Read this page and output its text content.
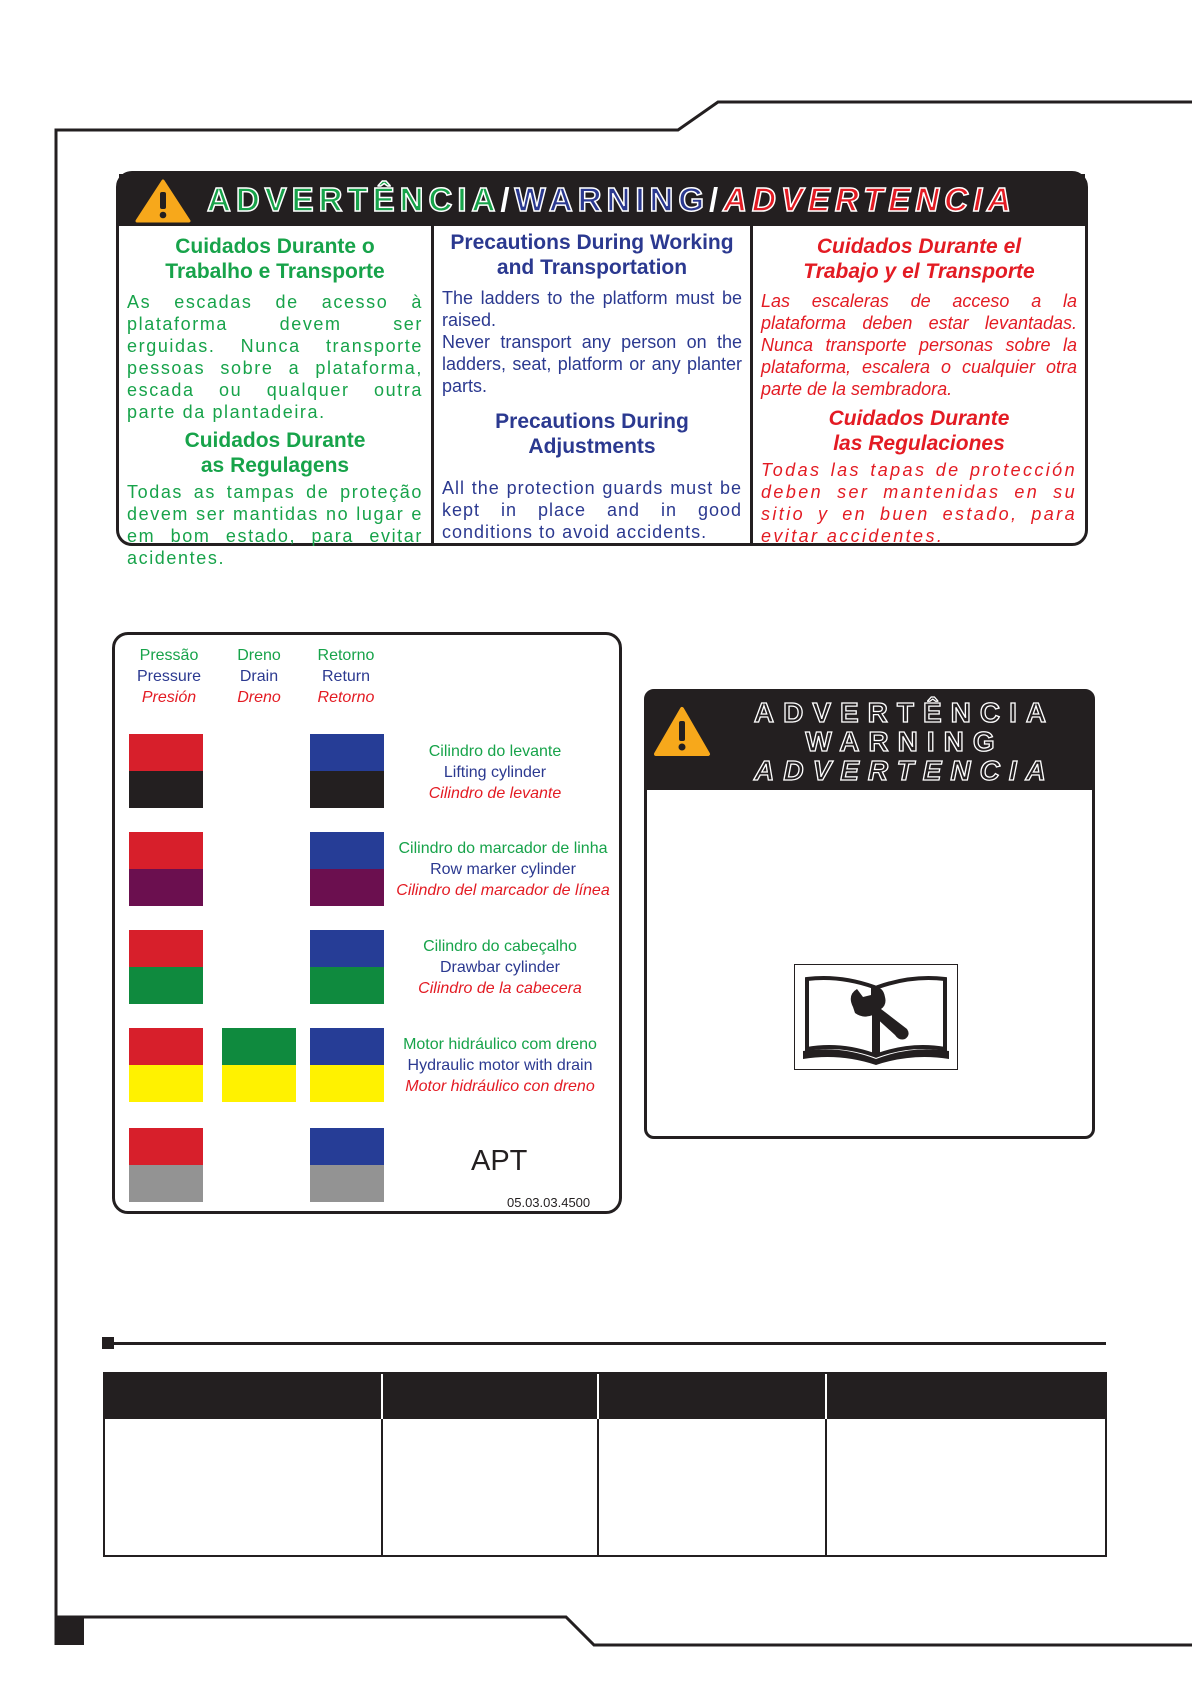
ADVERTÊNCIA/WARNING/ADVERTENCIA
Cuidados Durante o
Trabalho e Transporte
As escadas de acesso à plataforma devem ser erguidas. Nunca transporte pessoas sobre a plataforma, escada ou qualquer outra parte da plantadeira.
Cuidados Durante
as Regulagens
Todas as tampas de proteção devem ser mantidas no lugar e em bom estado, para evitar acidentes.
Precautions During Working
and Transportation
The ladders to the platform must be raised.
Never transport any person on the ladders, seat, platform or any planter parts.
Precautions During
Adjustments
All the protection guards must be kept in place and in good conditions to avoid accidents.
Cuidados Durante el
Trabajo y el Transporte
Las escaleras de acceso a la plataforma deben estar levantadas. Nunca transporte personas sobre la plataforma, escalera o cualquier otra parte de la sembradora.
Cuidados Durante
las Regulaciones
Todas las tapas de protección deben ser mantenidas en su sitio y en buen estado, para evitar accidentes.
Pressão
Pressure
Presión
Dreno
Drain
Dreno
Retorno
Return
Retorno
Cilindro do levante
Lifting cylinder
Cilindro de levante
Cilindro do marcador de linha
Row marker cylinder
Cilindro del marcador de línea
Cilindro do cabeçalho
Drawbar cylinder
Cilindro de la cabecera
Motor hidráulico com dreno
Hydraulic motor with drain
Motor hidráulico con dreno
APT
05.03.03.4500
ADVERTÊNCIA
WARNING
ADVERTENCIA
